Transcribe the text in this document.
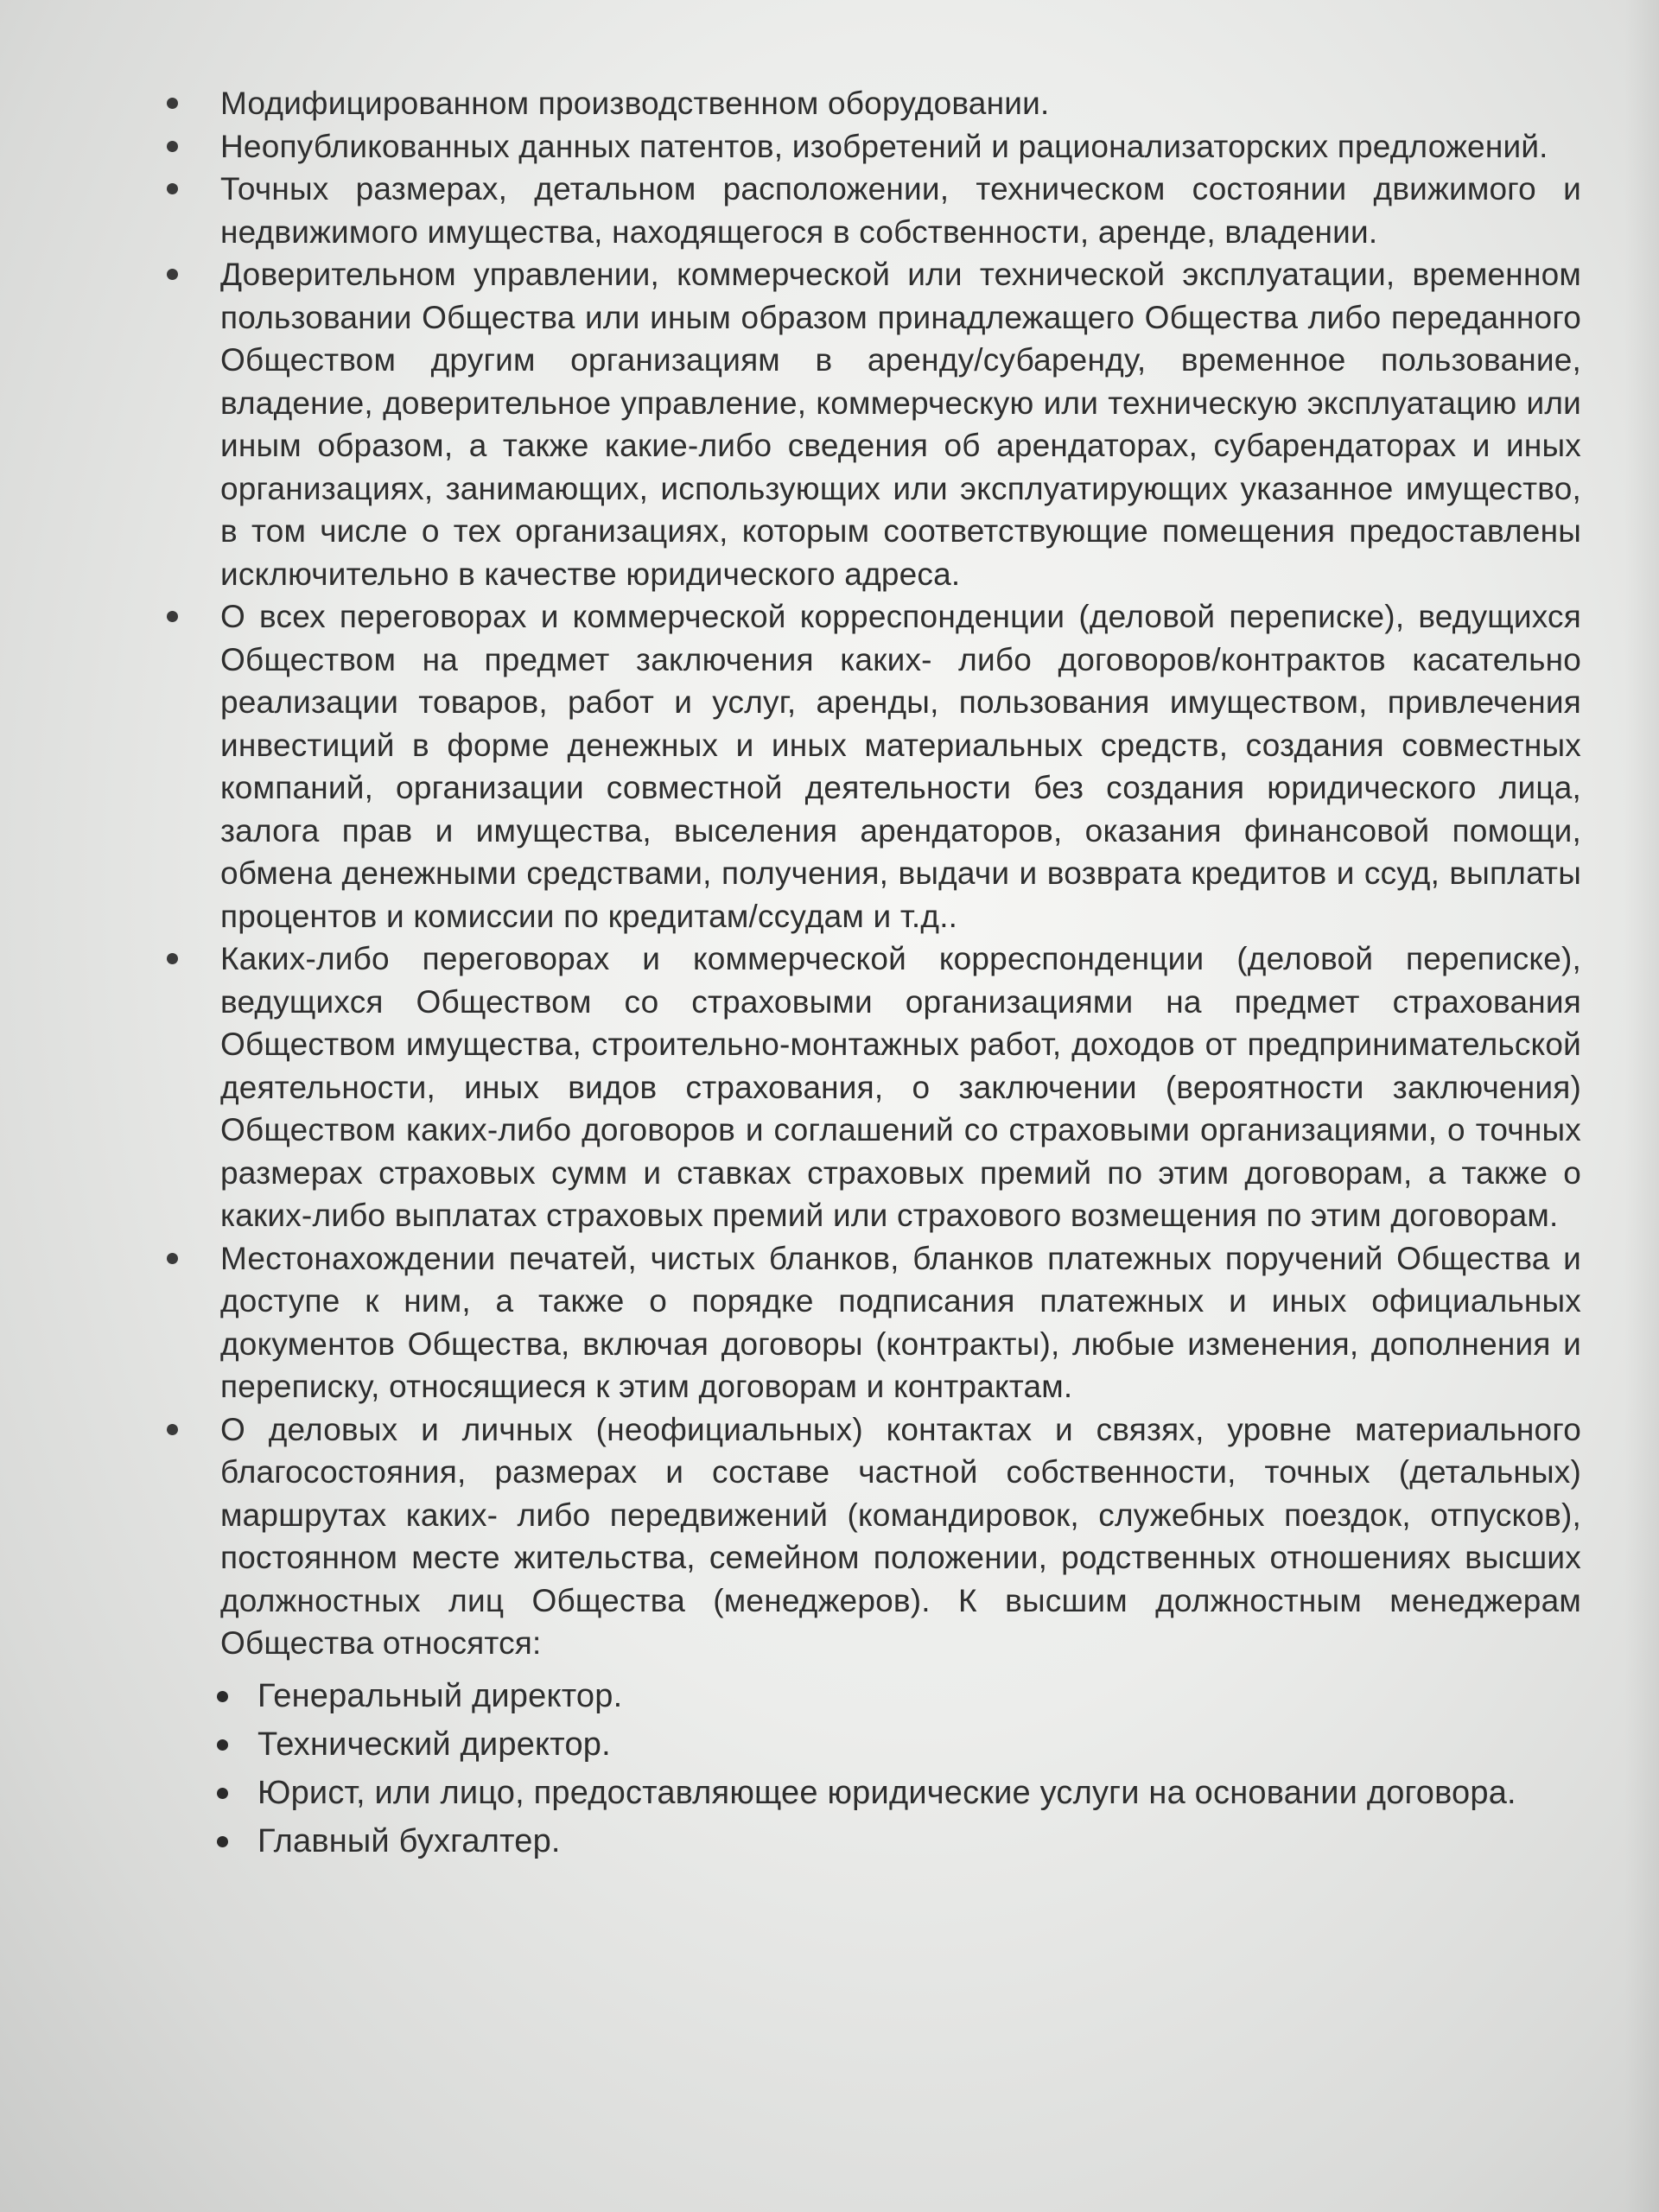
Модифицированном производственном оборудовании.
Неопубликованных данных патентов, изобретений и рационализаторских предложений.
Точных размерах, детальном расположении, техническом состоянии движимого и недвижимого имущества, находящегося в собственности, аренде, владении.
Доверительном управлении, коммерческой или технической эксплуатации, временном пользовании Общества или иным образом принадлежащего Общества либо переданного Обществом другим организациям в аренду/субаренду, временное пользование, владение, доверительное управление, коммерческую или техническую эксплуатацию или иным образом, а также какие-либо сведения об арендаторах, субарендаторах и иных организациях, занимающих, использующих или эксплуатирующих указанное имущество, в том числе о тех организациях, которым соответствующие помещения предоставлены исключительно в качестве юридического адреса.
О всех переговорах и коммерческой корреспонденции (деловой переписке), ведущихся Обществом на предмет заключения каких- либо договоров/контрактов касательно реализации товаров, работ и услуг, аренды, пользования имуществом, привлечения инвестиций в форме денежных и иных материальных средств, создания совместных компаний, организации совместной деятельности без создания юридического лица, залога прав и имущества, выселения арендаторов, оказания финансовой помощи, обмена денежными средствами, получения, выдачи и возврата кредитов и ссуд, выплаты процентов и комиссии по кредитам/ссудам и т.д..
Каких-либо переговорах и коммерческой корреспонденции (деловой переписке), ведущихся Обществом со страховыми организациями на предмет страхования Обществом имущества, строительно-монтажных работ, доходов от предпринимательской деятельности, иных видов страхования, о заключении (вероятности заключения) Обществом каких-либо договоров и соглашений со страховыми организациями, о точных размерах страховых сумм и ставках страховых премий по этим договорам, а также о каких-либо выплатах страховых премий или страхового возмещения по этим договорам.
Местонахождении печатей, чистых бланков, бланков платежных поручений Общества и доступе к ним, а также о порядке подписания платежных и иных официальных документов Общества, включая договоры (контракты), любые изменения, дополнения и переписку, относящиеся к этим договорам и контрактам.
О деловых и личных (неофициальных) контактах и связях, уровне материального благосостояния, размерах и составе частной собственности, точных (детальных) маршрутах каких- либо передвижений (командировок, служебных поездок, отпусков), постоянном месте жительства, семейном положении, родственных отношениях высших должностных лиц Общества (менеджеров). К высшим должностным менеджерам Общества относятся:
Генеральный директор.
Технический директор.
Юрист, или лицо, предоставляющее юридические услуги на основании договора.
Главный бухгалтер.
